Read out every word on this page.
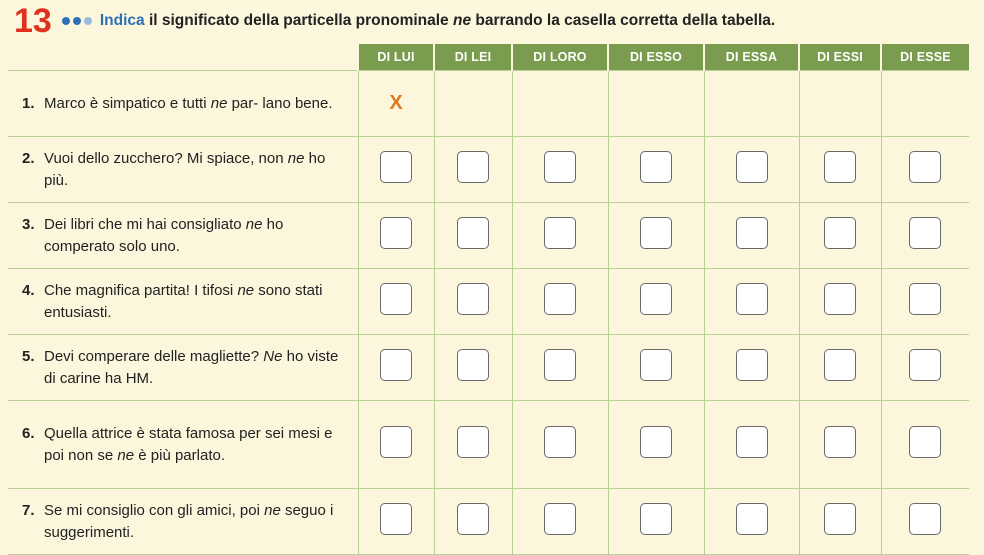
13	Indica il significato della particella pronominale ne barrando la casella corretta della tabella.
	DI LUI	DI LEI	DI LORO	DI ESSO	DI ESSA	DI ESSI	DI ESSE

1. Marco è simpatico e tutti ne par- lano bene.	X						

2. Vuoi dello zucchero? Mi spiace, non ne ho più.							

3. Dei libri che mi hai consigliato ne ho comperato solo uno.							

4. Che magnifica partita! I tifosi ne sono stati entusiasti.							

5. Devi comperare delle magliette? Ne ho viste di carine ha HM.							

6. Quella attrice è stata famosa per sei mesi e poi non se ne è più parlato.							

7. Se mi consiglio con gli amici, poi ne seguo i suggerimenti.							
